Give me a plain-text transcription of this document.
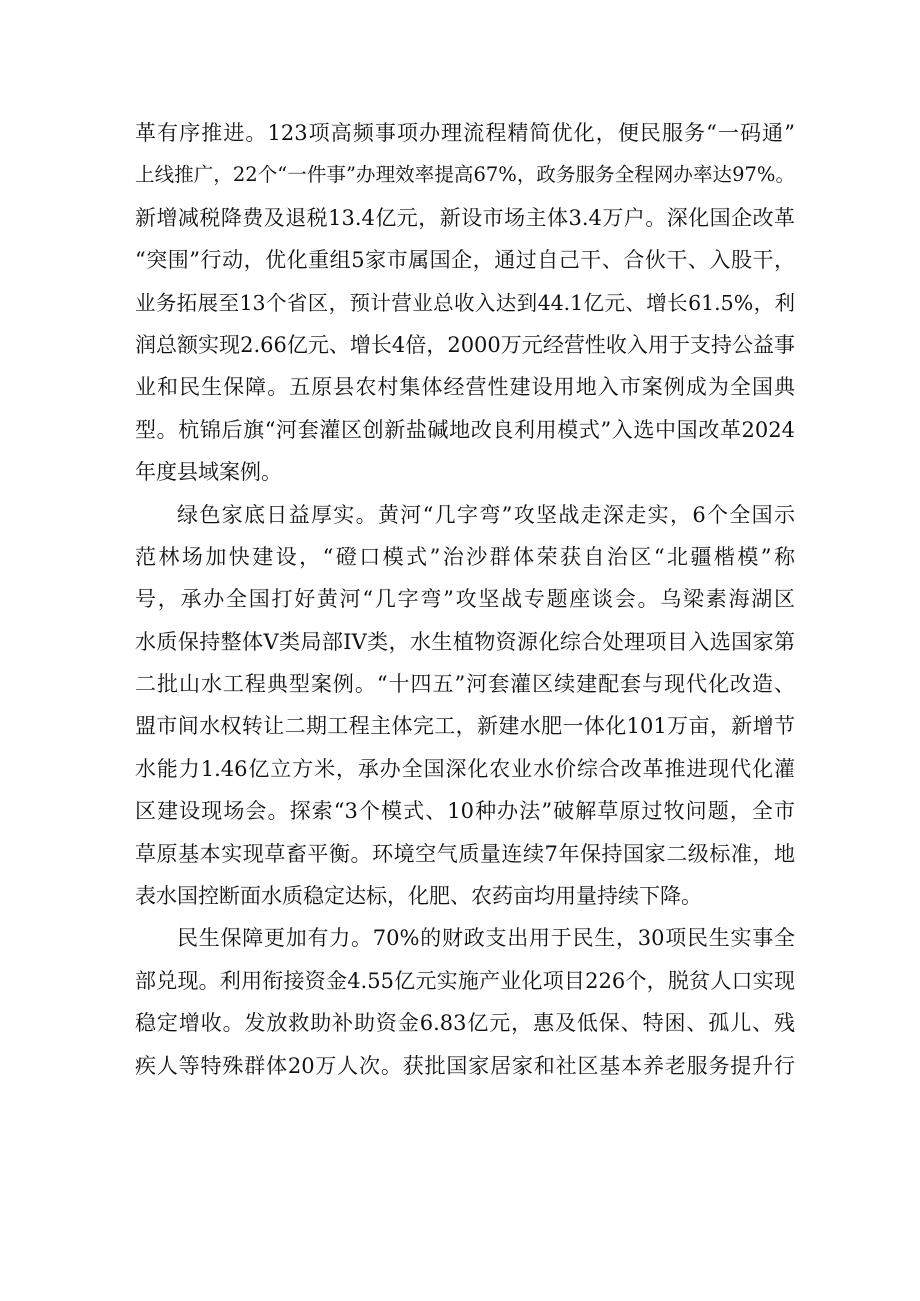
革有序推进。123项高频事项办理流程精简优化，便民服务“一码通”
上线推广，22个“一件事”办理效率提高67%，政务服务全程网办率达97%。
新增减税降费及退税13.4亿元，新设市场主体3.4万户。深化国企改革
“突围”行动，优化重组5家市属国企，通过自己干、合伙干、入股干，
业务拓展至13个省区，预计营业总收入达到44.1亿元、增长61.5%，利
润总额实现2.66亿元、增长4倍，2000万元经营性收入用于支持公益事
业和民生保障。五原县农村集体经营性建设用地入市案例成为全国典
型。杭锦后旗“河套灌区创新盐碱地改良利用模式”入选中国改革2024
年度县域案例。
绿色家底日益厚实。黄河“几字弯”攻坚战走深走实，6个全国示
范林场加快建设，“磴口模式”治沙群体荣获自治区“北疆楷模”称
号，承办全国打好黄河“几字弯”攻坚战专题座谈会。乌梁素海湖区
水质保持整体V类局部IV类，水生植物资源化综合处理项目入选国家第
二批山水工程典型案例。“十四五”河套灌区续建配套与现代化改造、
盟市间水权转让二期工程主体完工，新建水肥一体化101万亩，新增节
水能力1.46亿立方米，承办全国深化农业水价综合改革推进现代化灌
区建设现场会。探索“3个模式、10种办法”破解草原过牧问题，全市
草原基本实现草畜平衡。环境空气质量连续7年保持国家二级标准，地
表水国控断面水质稳定达标，化肥、农药亩均用量持续下降。
民生保障更加有力。70%的财政支出用于民生，30项民生实事全
部兑现。利用衔接资金4.55亿元实施产业化项目226个，脱贫人口实现
稳定增收。发放救助补助资金6.83亿元，惠及低保、特困、孤儿、残
疾人等特殊群体20万人次。获批国家居家和社区基本养老服务提升行
